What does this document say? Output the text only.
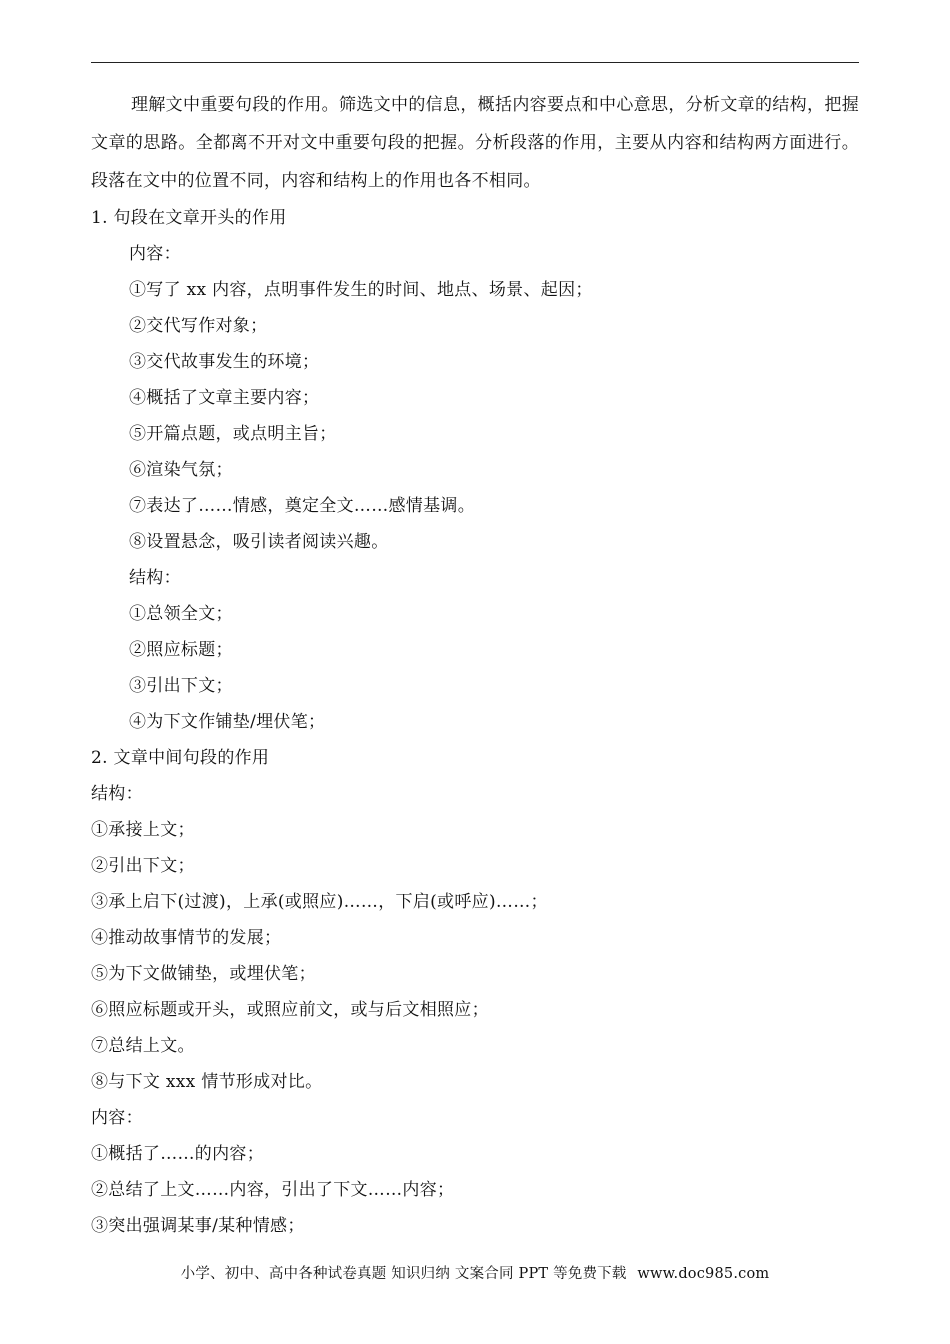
理解文中重要句段的作用。筛选文中的信息，概括内容要点和中心意思，分析文章的结构，把握文章的思路。全都离不开对文中重要句段的把握。分析段落的作用，主要从内容和结构两方面进行。段落在文中的位置不同，内容和结构上的作用也各不相同。

1. 句段在文章开头的作用
内容：
①写了 xx 内容，点明事件发生的时间、地点、场景、起因；
②交代写作对象；
③交代故事发生的环境；
④概括了文章主要内容；
⑤开篇点题，或点明主旨；
⑥渲染气氛；
⑦表达了……情感，奠定全文……感情基调。
⑧设置悬念，吸引读者阅读兴趣。
结构：
①总领全文；
②照应标题；
③引出下文；
④为下文作铺垫/埋伏笔；
2. 文章中间句段的作用
结构：
①承接上文；
②引出下文；
③承上启下(过渡)，上承(或照应)……，下启(或呼应)……；
④推动故事情节的发展；
⑤为下文做铺垫，或埋伏笔；
⑥照应标题或开头，或照应前文，或与后文相照应；
⑦总结上文。
⑧与下文 xxx 情节形成对比。
内容：
①概括了……的内容；
②总结了上文……内容，引出了下文……内容；
③突出强调某事/某种情感；
小学、初中、高中各种试卷真题 知识归纳 文案合同 PPT 等免费下载 www.doc985.com
